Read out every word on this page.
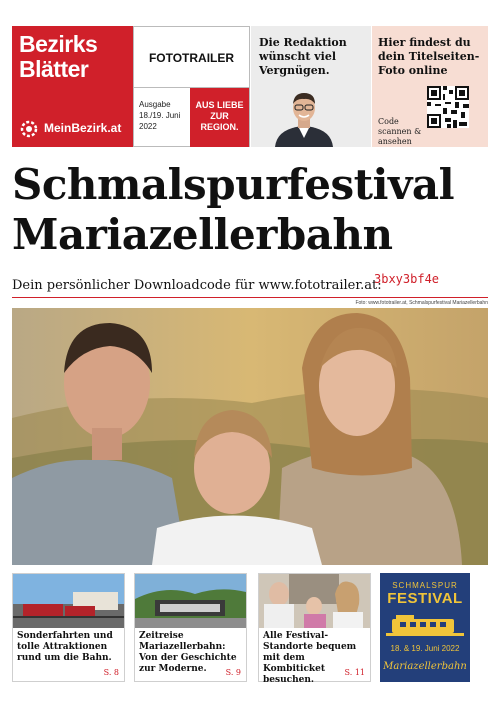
Bezirks
Blätter
MeinBezirk.at
FOTOTRAILER
Ausgabe
18./19. Juni 2022
AUS LIEBE
ZUR
REGION.
Die Redaktion wünscht viel Vergnügen.
Hier findest du dein Titelseiten-Foto online
Code scannen & ansehen
Schmalspurfestival
Mariazellerbahn
Dein persönlicher Downloadcode für www.fototrailer.at:
3bxy3bf4e
Foto: www.fototrailer.at, Schmalspurfestival Mariazellerbahn
Sonderfahrten und tolle Attraktionen rund um die Bahn.
S. 8
Zeitreise Mariazellerbahn: Von der Geschichte zur Moderne.	S. 9
Alle Festival-Standorte bequem mit dem Kombiticket besuchen.
S. 11
SCHMALSPUR
FESTIVAL
18. & 19. Juni 2022
Mariazellerbahn
